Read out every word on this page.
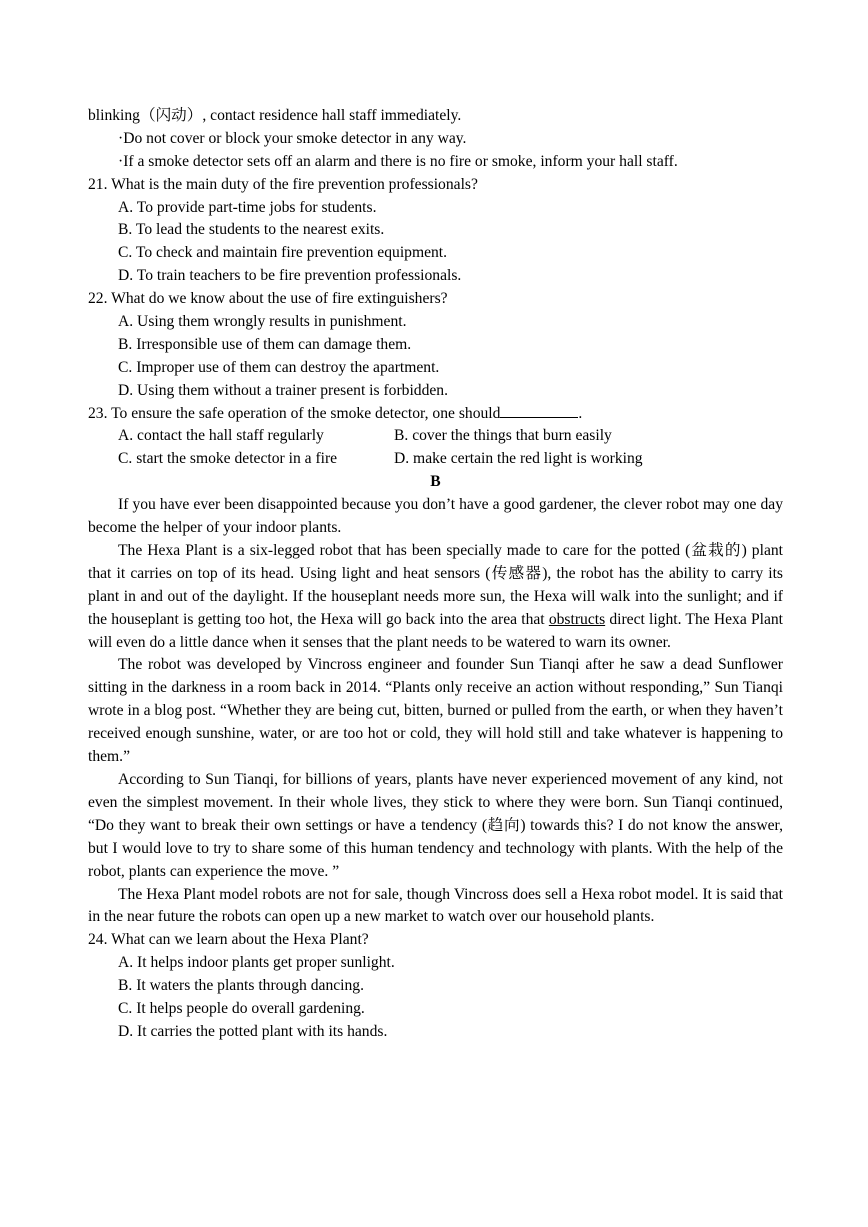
blinking（闪动）, contact residence hall staff immediately.
·Do not cover or block your smoke detector in any way.
·If a smoke detector sets off an alarm and there is no fire or smoke, inform your hall staff.
21. What is the main duty of the fire prevention professionals?
A. To provide part-time jobs for students.
B. To lead the students to the nearest exits.
C. To check and maintain fire prevention equipment.
D. To train teachers to be fire prevention professionals.
22. What do we know about the use of fire extinguishers?
A. Using them wrongly results in punishment.
B. Irresponsible use of them can damage them.
C. Improper use of them can destroy the apartment.
D. Using them without a trainer present is forbidden.
23. To ensure the safe operation of the smoke detector, one should	.
A. contact the hall staff regularly	B. cover the things that burn easily
C. start the smoke detector in a fire	D. make certain the red light is working
B

If you have ever been disappointed because you don’t have a good gardener, the clever robot may one day become the helper of your indoor plants.

The Hexa Plant is a six-legged robot that has been specially made to care for the potted (盆栽的) plant that it carries on top of its head. Using light and heat sensors (传感器), the robot has the ability to carry its plant in and out of the daylight. If the houseplant needs more sun, the Hexa will walk into the sunlight; and if the houseplant is getting too hot, the Hexa will go back into the area that obstructs direct light. The Hexa Plant will even do a little dance when it senses that the plant needs to be watered to warn its owner.

The robot was developed by Vincross engineer and founder Sun Tianqi after he saw a dead Sunflower sitting in the darkness in a room back in 2014. “Plants only receive an action without responding,” Sun Tianqi wrote in a blog post. “Whether they are being cut, bitten, burned or pulled from the earth, or when they haven’t received enough sunshine, water, or are too hot or cold, they will hold still and take whatever is happening to them.”

According to Sun Tianqi, for billions of years, plants have never experienced movement of any kind, not even the simplest movement. In their whole lives, they stick to where they were born. Sun Tianqi continued, “Do they want to break their own settings or have a tendency (趋向) towards this? I do not know the answer, but I would love to try to share some of this human tendency and technology with plants. With the help of the robot, plants can experience the move. ”

The Hexa Plant model robots are not for sale, though Vincross does sell a Hexa robot model. It is said that in the near future the robots can open up a new market to watch over our household plants.

24. What can we learn about the Hexa Plant?
A. It helps indoor plants get proper sunlight.
B. It waters the plants through dancing.
C. It helps people do overall gardening.
D. It carries the potted plant with its hands.
